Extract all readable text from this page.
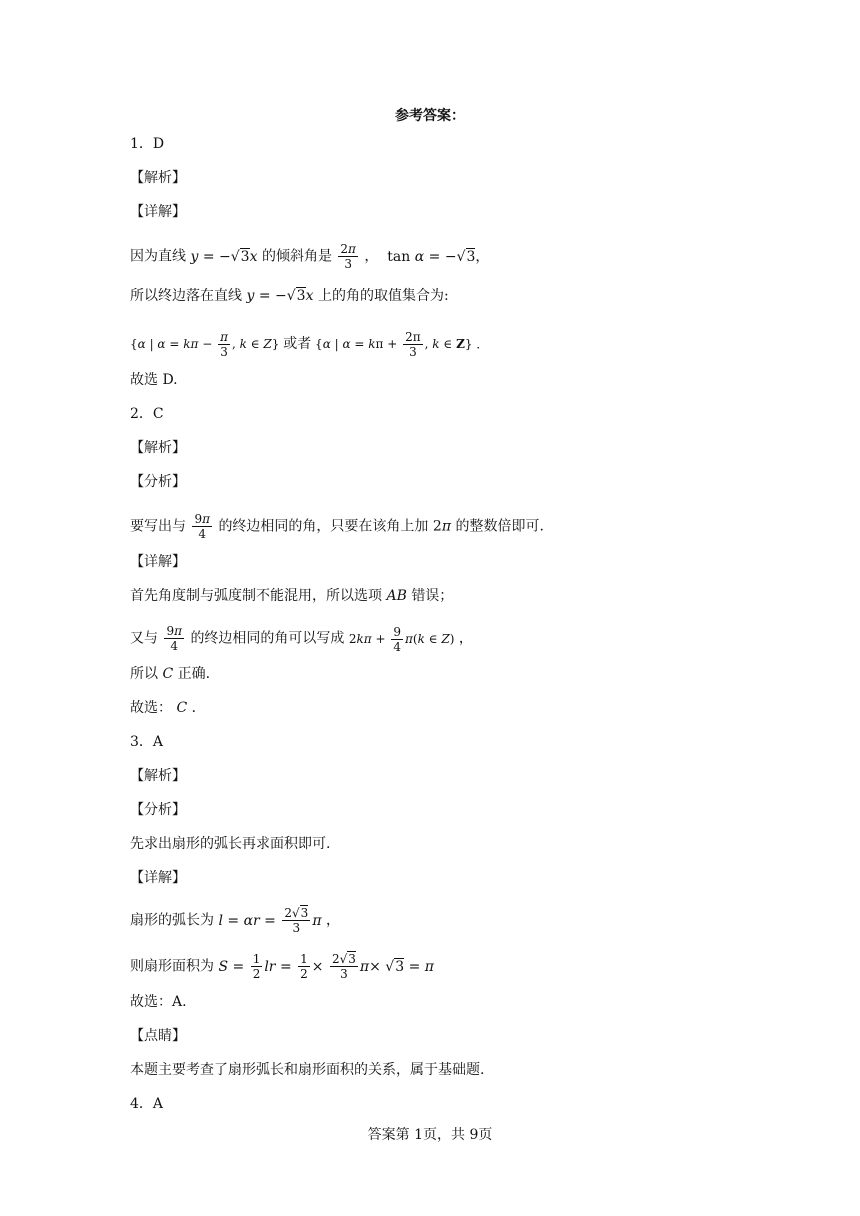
参考答案：
1．D
【解析】
【详解】
因为直线 y = −√3x 的倾斜角是 $\frac{2\pi}{3}$ ，  tan α = −√3，
所以终边落在直线 y = −√3x 上的角的取值集合为:
{α | $\alpha = k\pi - \frac{\pi}{3}$ , k ∈ Z} 或者 {α | $\alpha = k\pi + \frac{2\pi}{3}$ , k ∈ Z} ．
故选 D.
2．C
【解析】
【分析】
要写出与 $\frac{9\pi}{4}$ 的终边相同的角，只要在该角上加 2π 的整数倍即可.
【详解】
首先角度制与弧度制不能混用，所以选项 AB 错误；
又与 $\frac{9\pi}{4}$ 的终边相同的角可以写成 $2k\pi + \frac{9}{4} \pi(k$ ∈ Z) ，
所以 C 正确.
故选： C ．
3．A
【解析】
【分析】
先求出扇形的弧长再求面积即可.
【详解】
扇形的弧长为 $l = \alpha r = \frac{2√3}{3}$ π ，
则扇形面积为 $S = \frac{1}{2}$ lr = $\frac{1}{2} \times \frac{2√3}{3} \pi\times √3 = \pi$
故选：A.
【点睛】
本题主要考查了扇形弧长和扇形面积的关系，属于基础题.
4．A
答案第 1页，共 9页
